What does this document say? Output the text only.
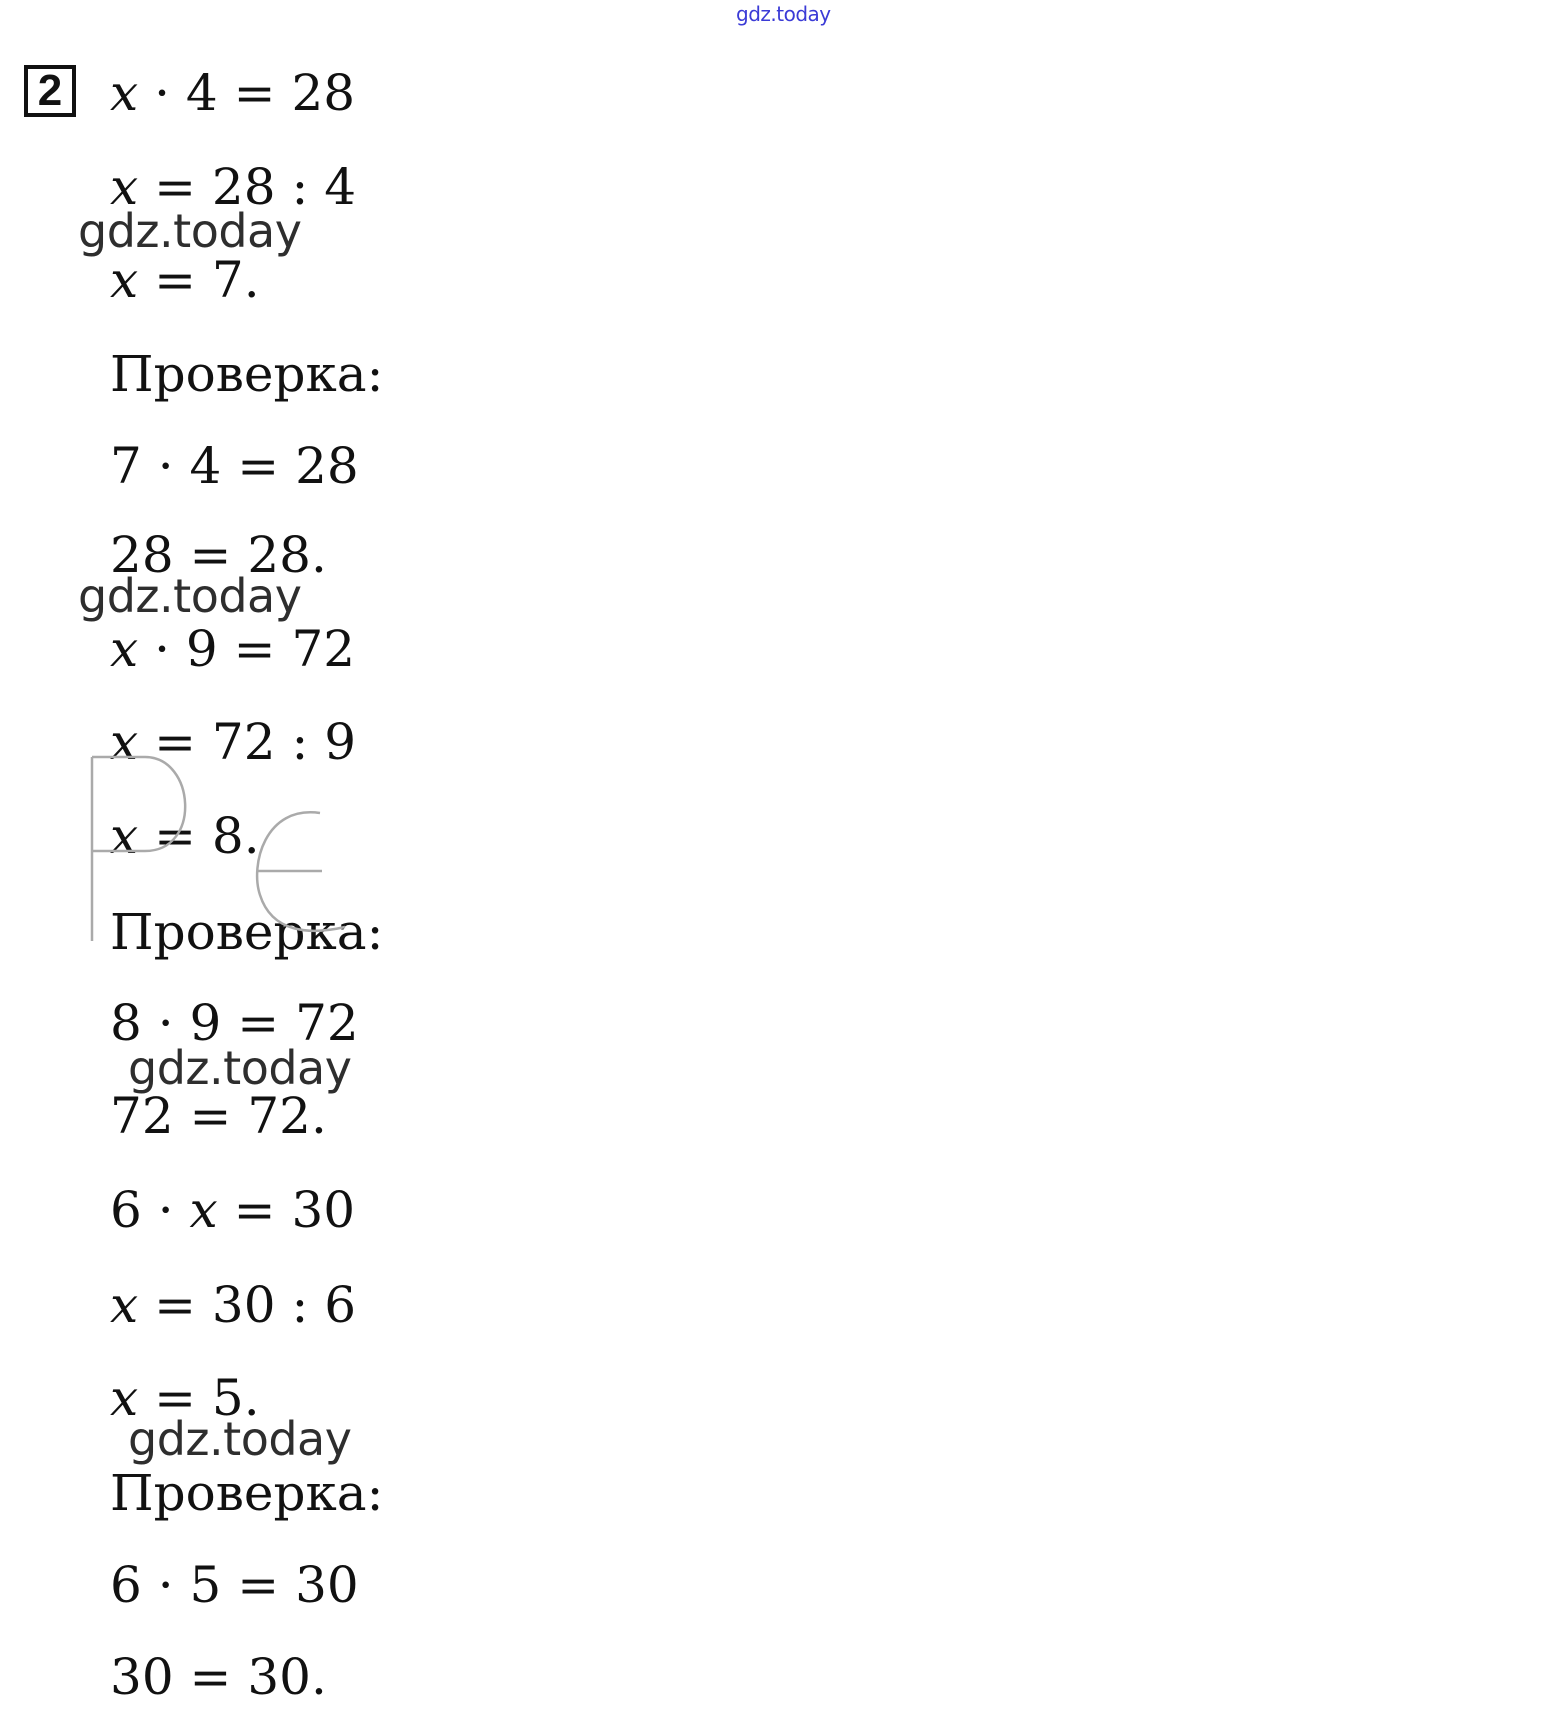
gdz.today
2 x · 4 = 28
x = 28 : 4
x = 7.
Проверка:
7 · 4 = 28
28 = 28.
x · 9 = 72
x = 72 : 9
x = 8.
Проверка:
8 · 9 = 72
72 = 72.
6 · x = 30
x = 30 : 6
x = 5.
Проверка:
6 · 5 = 30
30 = 30.
gdz.today
gdz.today
gdz.today
gdz.today
